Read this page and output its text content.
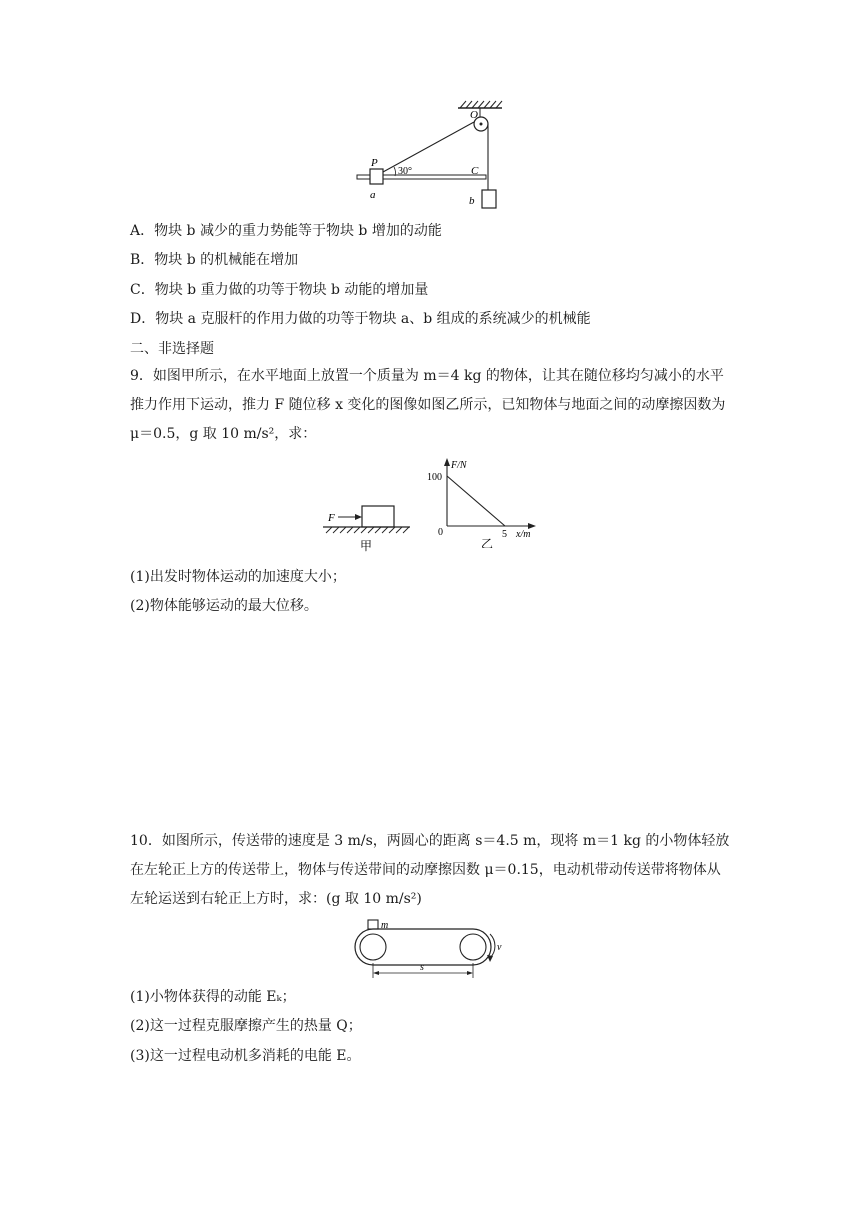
O
P
C
a	b
30°
A．物块 b 减少的重力势能等于物块 b 增加的动能
B．物块 b 的机械能在增加
C．物块 b 重力做的功等于物块 b 动能的增加量
D．物块 a 克服杆的作用力做的功等于物块 a、b 组成的系统减少的机械能
二、非选择题
9．如图甲所示，在水平地面上放置一个质量为 m＝4 kg 的物体，让其在随位移均匀减小的水平推力作用下运动，推力 F 随位移 x 变化的图像如图乙所示，已知物体与地面之间的动摩擦因数为 μ＝0.5，g 取 10 m/s²，求：
F
甲
F/N
100
0	5 x/m
乙
(1)出发时物体运动的加速度大小；
(2)物体能够运动的最大位移。
10．如图所示，传送带的速度是 3 m/s，两圆心的距离 s＝4.5 m，现将 m＝1 kg 的小物体轻放在左轮正上方的传送带上，物体与传送带间的动摩擦因数 μ＝0.15，电动机带动传送带将物体从左轮运送到右轮正上方时，求：(g 取 10 m/s²)
m
v
s
(1)小物体获得的动能 Eₖ；
(2)这一过程克服摩擦产生的热量 Q；
(3)这一过程电动机多消耗的电能 E。
